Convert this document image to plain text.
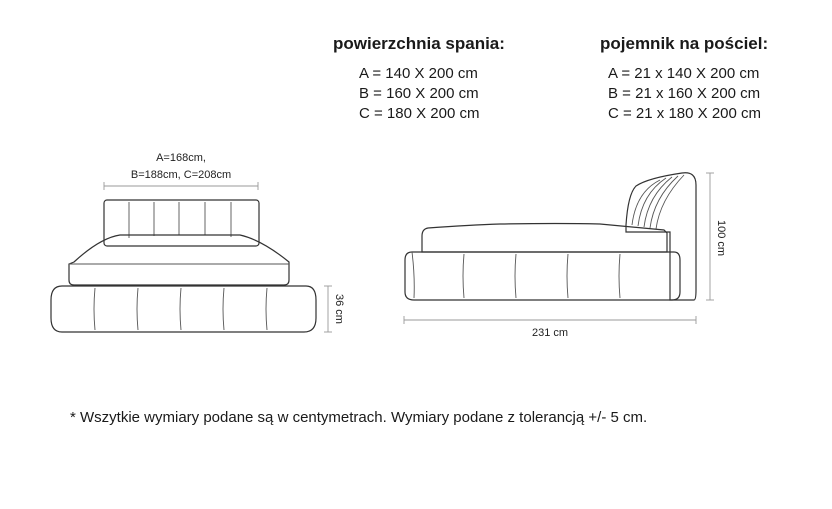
powierzchnia spania:
A = 140 X 200 cm
B = 160 X 200 cm
C = 180 X 200 cm
pojemnik na pościel:
A = 21 x 140 X 200 cm
B = 21 x 160 X 200 cm
C = 21 x 180 X 200 cm
A=168cm,
B=188cm, C=208cm
36 cm
231 cm
100 cm
* Wszytkie wymiary podane są w centymetrach. Wymiary podane z tolerancją +/- 5 cm.
